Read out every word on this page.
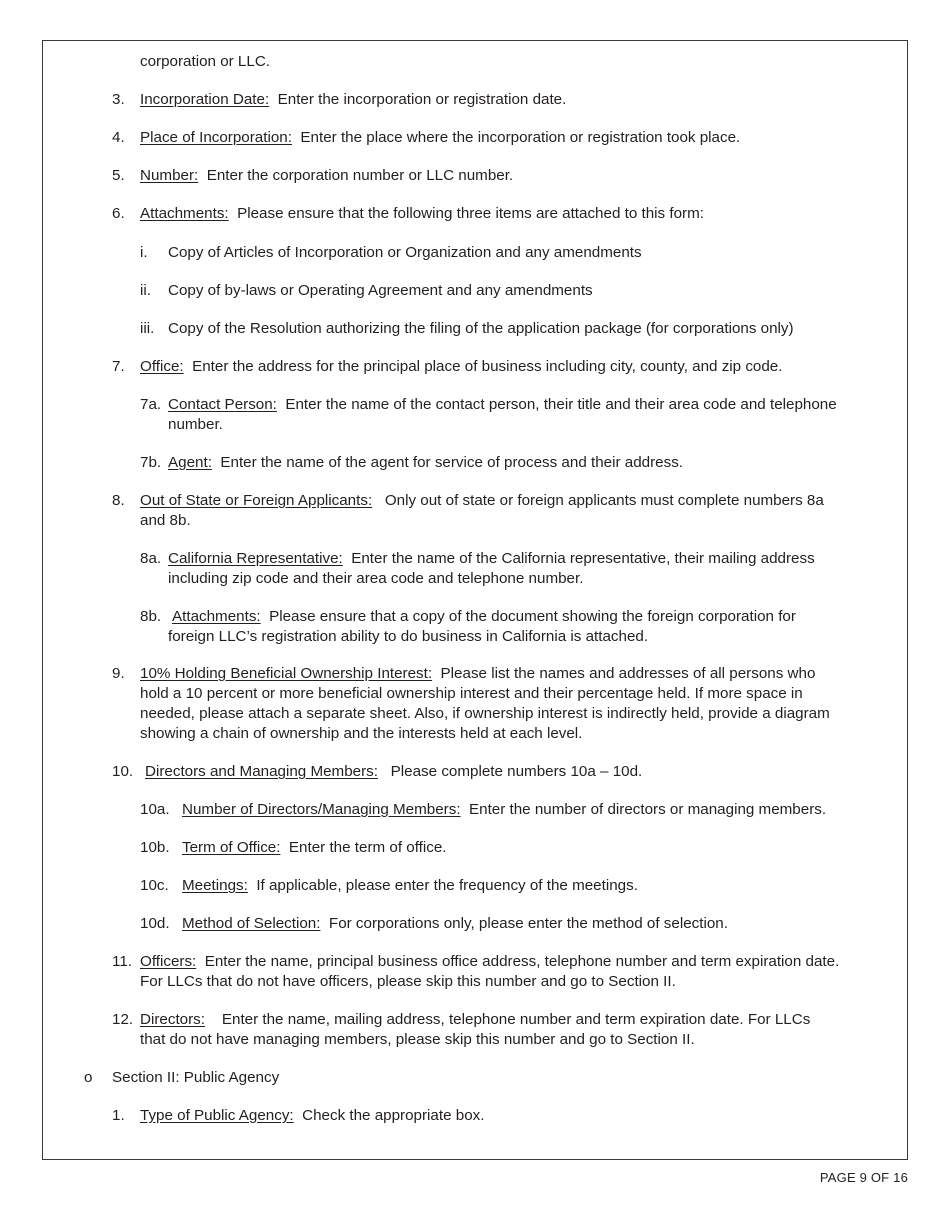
corporation or LLC.

3. Incorporation Date: Enter the incorporation or registration date.
4. Place of Incorporation: Enter the place where the incorporation or registration took place.
5. Number: Enter the corporation number or LLC number.
6. Attachments: Please ensure that the following three items are attached to this form:
i. Copy of Articles of Incorporation or Organization and any amendments
ii. Copy of by-laws or Operating Agreement and any amendments
iii. Copy of the Resolution authorizing the filing of the application package (for corporations only)
7. Office: Enter the address for the principal place of business including city, county, and zip code.
7a. Contact Person: Enter the name of the contact person, their title and their area code and telephone
number.
7b. Agent: Enter the name of the agent for service of process and their address.
8. Out of State or Foreign Applicants: Only out of state or foreign applicants must complete numbers 8a
and 8b.
8a. California Representative: Enter the name of the California representative, their mailing address
including zip code and their area code and telephone number.
8b. Attachments: Please ensure that a copy of the document showing the foreign corporation for
foreign LLC’s registration ability to do business in California is attached.
9. 10% Holding Beneficial Ownership Interest: Please list the names and addresses of all persons who
hold a 10 percent or more beneficial ownership interest and their percentage held. If more space in
needed, please attach a separate sheet. Also, if ownership interest is indirectly held, provide a diagram
showing a chain of ownership and the interests held at each level.
10. Directors and Managing Members: Please complete numbers 10a – 10d.
10a. Number of Directors/Managing Members: Enter the number of directors or managing members.
10b. Term of Office: Enter the term of office.
10c. Meetings: If applicable, please enter the frequency of the meetings.
10d. Method of Selection: For corporations only, please enter the method of selection.
11. Officers: Enter the name, principal business office address, telephone number and term expiration date.
For LLCs that do not have officers, please skip this number and go to Section II.
12. Directors: Enter the name, mailing address, telephone number and term expiration date. For LLCs
that do not have managing members, please skip this number and go to Section II.
o Section II: Public Agency
1. Type of Public Agency: Check the appropriate box.
PAGE 9 OF 16
